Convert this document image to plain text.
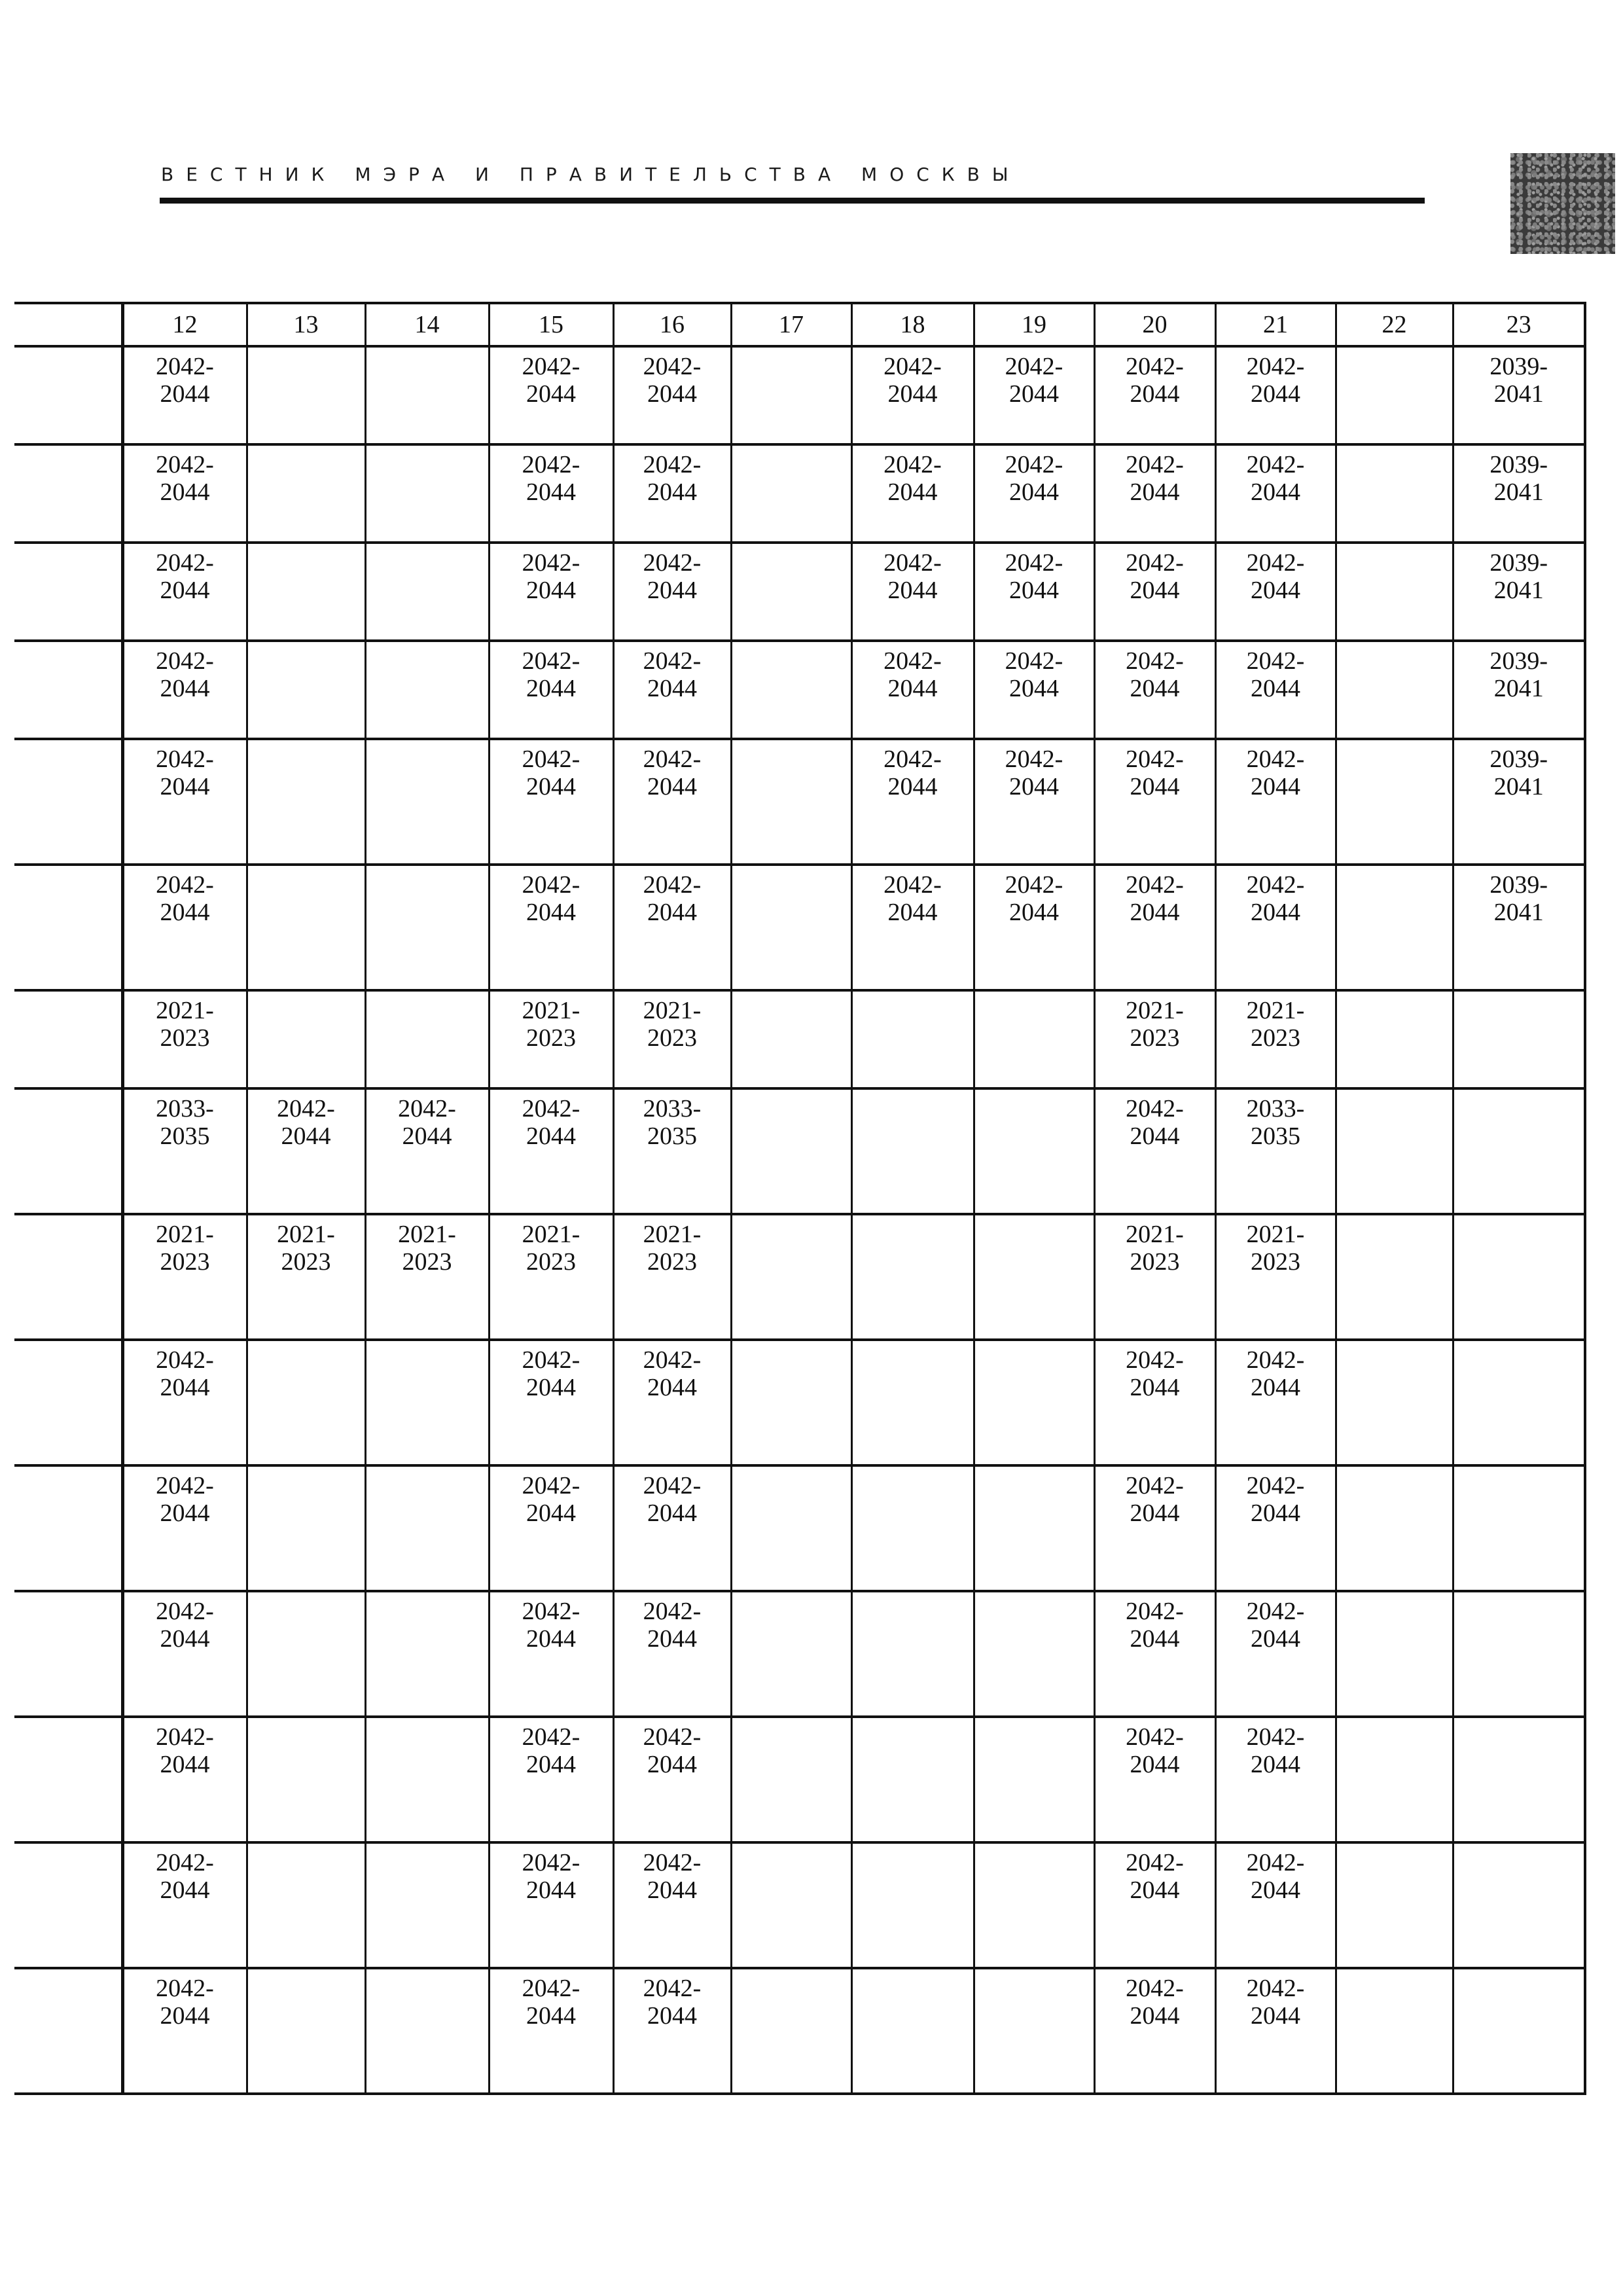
ВЕСТНИК МЭРА И ПРАВИТЕЛЬСТВА МОСКВЫ
	12	13	14	15	16	17	18	19	20	21	22	23

	2042-
2044			2042-
2044	2042-
2044		2042-
2044	2042-
2044	2042-
2044	2042-
2044		2039-
2041

	2042-
2044			2042-
2044	2042-
2044		2042-
2044	2042-
2044	2042-
2044	2042-
2044		2039-
2041

	2042-
2044			2042-
2044	2042-
2044		2042-
2044	2042-
2044	2042-
2044	2042-
2044		2039-
2041

	2042-
2044			2042-
2044	2042-
2044		2042-
2044	2042-
2044	2042-
2044	2042-
2044		2039-
2041

	2042-
2044			2042-
2044	2042-
2044		2042-
2044	2042-
2044	2042-
2044	2042-
2044		2039-
2041

	2042-
2044			2042-
2044	2042-
2044		2042-
2044	2042-
2044	2042-
2044	2042-
2044		2039-
2041

	2021-
2023			2021-
2023	2021-
2023				2021-
2023	2021-
2023		

	2033-
2035	2042-
2044	2042-
2044	2042-
2044	2033-
2035				2042-
2044	2033-
2035		

	2021-
2023	2021-
2023	2021-
2023	2021-
2023	2021-
2023				2021-
2023	2021-
2023		

	2042-
2044			2042-
2044	2042-
2044				2042-
2044	2042-
2044		

	2042-
2044			2042-
2044	2042-
2044				2042-
2044	2042-
2044		

	2042-
2044			2042-
2044	2042-
2044				2042-
2044	2042-
2044		

	2042-
2044			2042-
2044	2042-
2044				2042-
2044	2042-
2044		

	2042-
2044			2042-
2044	2042-
2044				2042-
2044	2042-
2044		

	2042-
2044			2042-
2044	2042-
2044				2042-
2044	2042-
2044		
